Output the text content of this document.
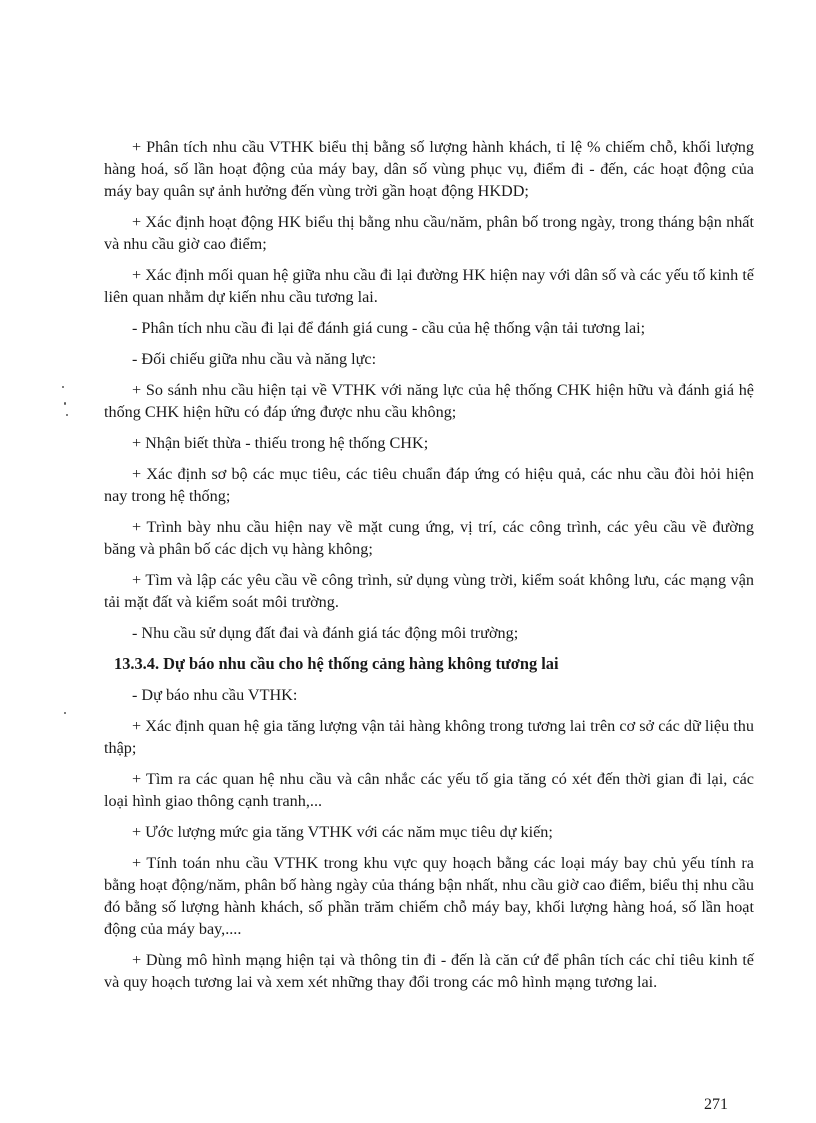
+ Phân tích nhu cầu VTHK biểu thị bằng số lượng hành khách, tỉ lệ % chiếm chỗ, khối lượng hàng hoá, số lần hoạt động của máy bay, dân số vùng phục vụ, điểm đi - đến, các hoạt động của máy bay quân sự ảnh hưởng đến vùng trời gần hoạt động HKDD;

+ Xác định hoạt động HK biểu thị bằng nhu cầu/năm, phân bố trong ngày, trong tháng bận nhất và nhu cầu giờ cao điểm;

+ Xác định mối quan hệ giữa nhu cầu đi lại đường HK hiện nay với dân số và các yếu tố kinh tế liên quan nhằm dự kiến nhu cầu tương lai.

- Phân tích nhu cầu đi lại để đánh giá cung - cầu của hệ thống vận tải tương lai;

- Đối chiếu giữa nhu cầu và năng lực:

+ So sánh nhu cầu hiện tại về VTHK với năng lực của hệ thống CHK hiện hữu và đánh giá hệ thống CHK hiện hữu có đáp ứng được nhu cầu không;

+ Nhận biết thừa - thiếu trong hệ thống CHK;

+ Xác định sơ bộ các mục tiêu, các tiêu chuẩn đáp ứng có hiệu quả, các nhu cầu đòi hỏi hiện nay trong hệ thống;

+ Trình bày nhu cầu hiện nay về mặt cung ứng, vị trí, các công trình, các yêu cầu về đường băng và phân bố các dịch vụ hàng không;

+ Tìm và lập các yêu cầu về công trình, sử dụng vùng trời, kiểm soát không lưu, các mạng vận tải mặt đất và kiểm soát môi trường.

- Nhu cầu sử dụng đất đai và đánh giá tác động môi trường;

13.3.4. Dự báo nhu cầu cho hệ thống cảng hàng không tương lai

- Dự báo nhu cầu VTHK:

+ Xác định quan hệ gia tăng lượng vận tải hàng không trong tương lai trên cơ sở các dữ liệu thu thập;

+ Tìm ra các quan hệ nhu cầu và cân nhắc các yếu tố gia tăng có xét đến thời gian đi lại, các loại hình giao thông cạnh tranh,...

+ Ước lượng mức gia tăng VTHK với các năm mục tiêu dự kiến;

+ Tính toán nhu cầu VTHK trong khu vực quy hoạch bằng các loại máy bay chủ yếu tính ra bằng hoạt động/năm, phân bố hàng ngày của tháng bận nhất, nhu cầu giờ cao điểm, biểu thị nhu cầu đó bằng số lượng hành khách, số phần trăm chiếm chỗ máy bay, khối lượng hàng hoá, số lần hoạt động của máy bay,....

+ Dùng mô hình mạng hiện tại và thông tin đi - đến là căn cứ để phân tích các chỉ tiêu kinh tế và quy hoạch tương lai và xem xét những thay đổi trong các mô hình mạng tương lai.

271
